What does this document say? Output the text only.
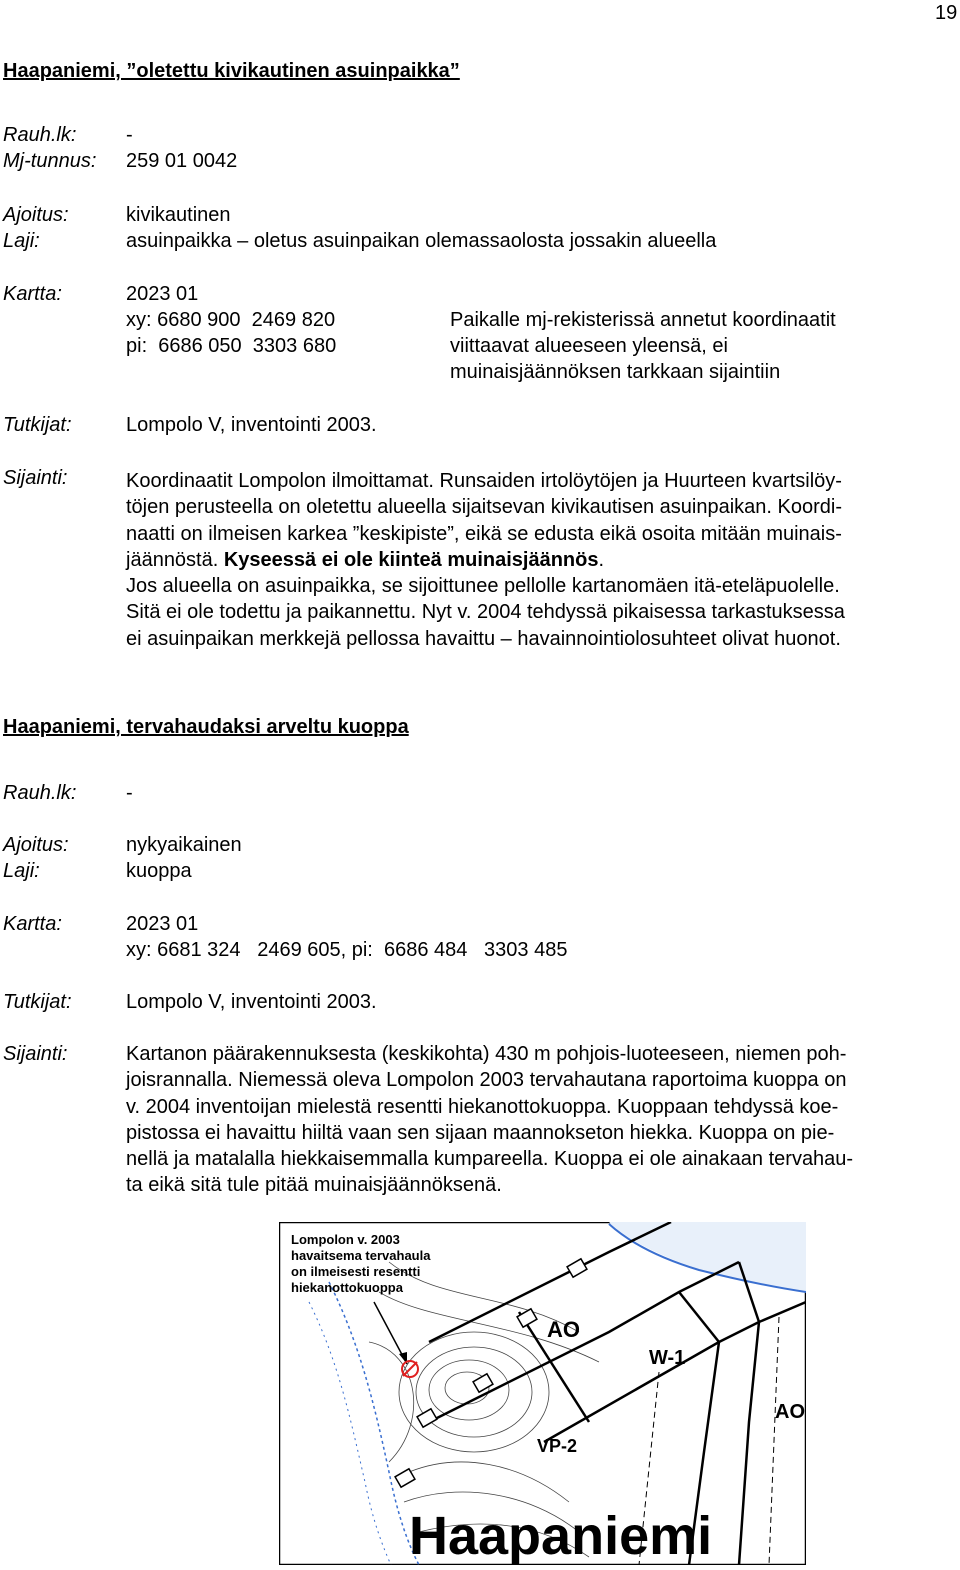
19
Haapaniemi, ”oletettu kivikautinen asuinpaikka”
Rauh.lk: -
Mj-tunnus: 259 01 0042
Ajoitus:	kivikautinen
Laji:	asuinpaikka – oletus asuinpaikan olemassaolosta jossakin alueella
Kartta:	2023 01
xy: 6680 900  2469 820
pi:  6686 050  3303 680
Paikalle mj-rekisterissä annetut koordinaatit
viittaavat alueeseen yleensä, ei
muinaisjäännöksen tarkkaan sijaintiin
Tutkijat:	Lompolo V, inventointi 2003.
Sijainti:	Koordinaatit Lompolon ilmoittamat. Runsaiden irtolöytöjen ja Huurteen kvartsilöy-
töjen perusteella on oletettu alueella sijaitsevan kivikautisen asuinpaikan. Koordi-
naatti on ilmeisen karkea ”keskipiste”, eikä se edusta eikä osoita mitään muinais-
jäännöstä. Kyseessä ei ole kiinteä muinaisjäännös.
Jos alueella on asuinpaikka, se sijoittunee pellolle kartanomäen itä-eteläpuolelle.
Sitä ei ole todettu ja paikannettu. Nyt v. 2004 tehdyssä pikaisessa tarkastuksessa
ei asuinpaikan merkkejä pellossa havaittu – havainnointiolosuhteet olivat huonot.
Haapaniemi, tervahaudaksi arveltu kuoppa
Rauh.lk: -
Ajoitus:	nykyaikainen
Laji:	kuoppa
Kartta:	2023 01
xy: 6681 324   2469 605, pi:  6686 484   3303 485
Tutkijat:	Lompolo V, inventointi 2003.
Sijainti:	Kartanon päärakennuksesta (keskikohta) 430 m pohjois-luoteeseen, niemen poh-
joisrannalla. Niemessä oleva Lompolon 2003 tervahautana raportoima kuoppa on
v. 2004 inventoijan mielestä resentti hiekanottokuoppa. Kuoppaan tehdyssä koe-
pistossa ei havaittu hiiltä vaan sen sijaan maannokseton hiekka. Kuoppa on pie-
nellä ja matalalla hiekkaisemmalla kumpareella. Kuoppa ei ole ainakaan tervahau-
ta eikä sitä tule pitää muinaisjäännöksenä.
AO
W-1
AO
VP-2
Lompolon v. 2003
havaitsema tervahaula
on ilmeisesti resentti
hiekanottokuoppa
Haapaniemi
